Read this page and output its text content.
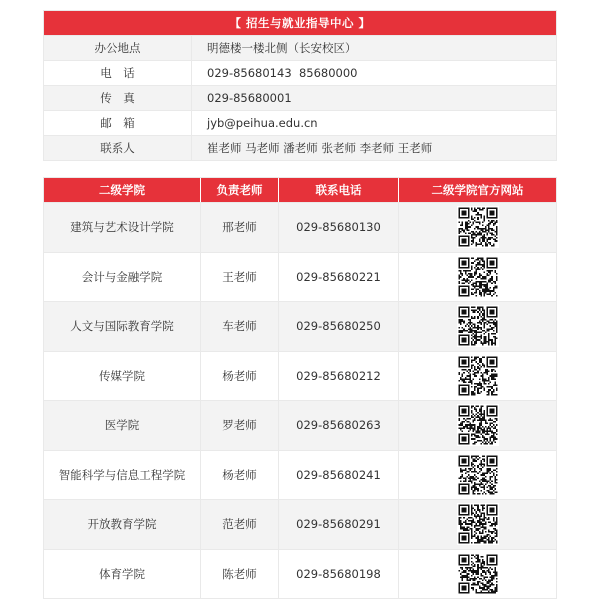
【 招生与就业指导中心 】
办公地点	明德楼一楼北侧（长安校区）
电　话	029-85680143  85680000
传　真	029-85680001
邮　箱	jyb@peihua.edu.cn
联系人	崔老师 马老师 潘老师 张老师 李老师 王老师
二级学院	负责老师	联系电话	二级学院官方网站
建筑与艺术设计学院	邢老师	029-85680130
会计与金融学院	王老师	029-85680221
人文与国际教育学院	车老师	029-85680250
传媒学院	杨老师	029-85680212
医学院	罗老师	029-85680263
智能科学与信息工程学院	杨老师	029-85680241
开放教育学院	范老师	029-85680291
体育学院	陈老师	029-85680198
